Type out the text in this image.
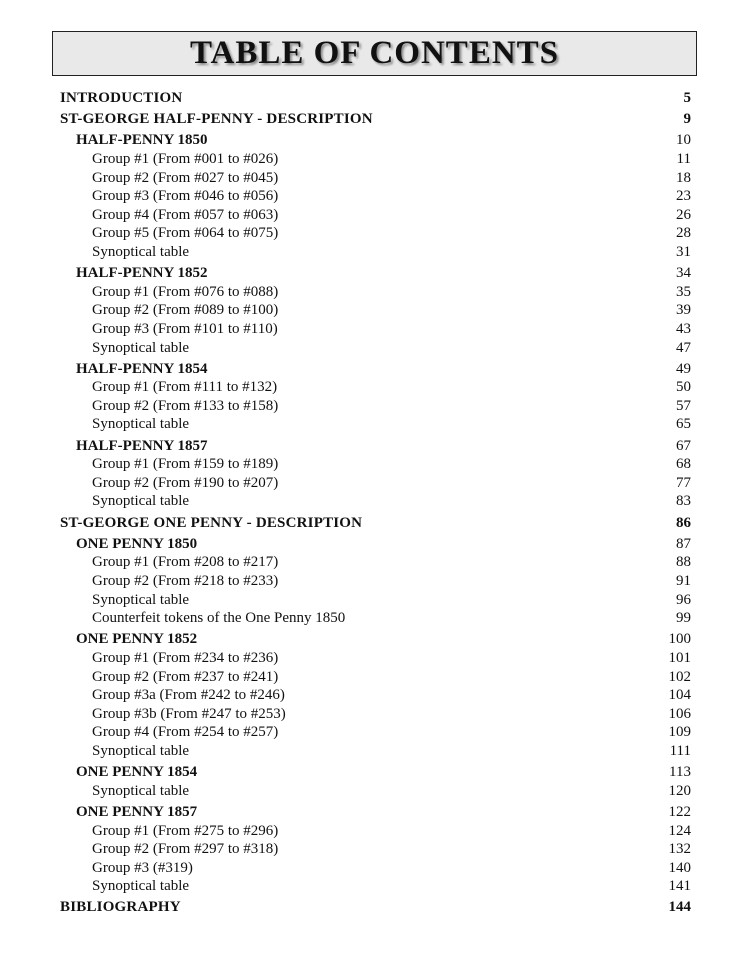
TABLE OF CONTENTS
INTRODUCTION	5
ST-GEORGE HALF-PENNY - DESCRIPTION	9
HALF-PENNY 1850	10
Group #1 (From #001 to #026)	11
Group #2 (From #027 to #045)	18
Group #3 (From #046 to #056)	23
Group #4 (From #057 to #063)	26
Group #5 (From #064 to #075)	28
Synoptical table	31
HALF-PENNY 1852	34
Group #1 (From #076 to #088)	35
Group #2 (From #089 to #100)	39
Group #3 (From #101 to #110)	43
Synoptical table	47
HALF-PENNY 1854	49
Group #1 (From #111 to #132)	50
Group #2 (From #133 to #158)	57
Synoptical table	65
HALF-PENNY 1857	67
Group #1 (From #159 to #189)	68
Group #2 (From #190 to #207)	77
Synoptical table	83
ST-GEORGE ONE PENNY - DESCRIPTION	86
ONE PENNY 1850	87
Group #1 (From #208 to #217)	88
Group #2 (From #218 to #233)	91
Synoptical table	96
Counterfeit tokens of the One Penny 1850	99
ONE PENNY 1852	100
Group #1 (From #234 to #236)	101
Group #2 (From #237 to #241)	102
Group #3a (From #242 to #246)	104
Group #3b (From #247 to #253)	106
Group #4 (From #254 to #257)	109
Synoptical table	111
ONE PENNY 1854	113
Synoptical table	120
ONE PENNY 1857	122
Group #1 (From #275 to #296)	124
Group #2 (From #297 to #318)	132
Group #3 (#319)	140
Synoptical table	141
BIBLIOGRAPHY	144
